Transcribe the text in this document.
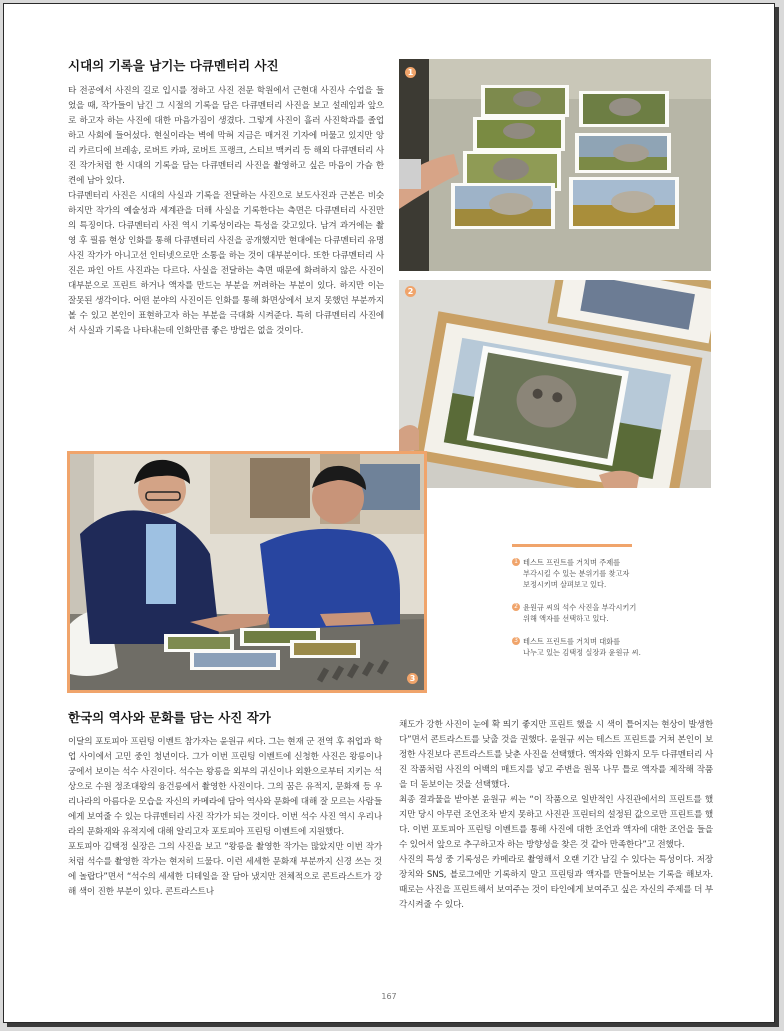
시대의 기록을 남기는 다큐멘터리 사진

타 전공에서 사진의 길로 입시를 정하고 사진 전문 학원에서 근현대 사진사 수업을 들었을 때, 작가들이 남긴 그 시절의 기록을 담은 다큐멘터리 사진을 보고 설레임과 앞으로 하고자 하는 사진에 대한 마음가짐이 생겼다. 그렇게 사진이 흘러 사진학과를 졸업하고 사회에 들어섰다. 현실이라는 벽에 막혀 지금은 매거진 기자에 머물고 있지만 앙리 카르디에 브레송, 로버트 카파, 로버트 프랭크, 스티브 맥커리 등 해외 다큐멘터리 사진 작가처럼 한 시대의 기록을 담는 다큐멘터리 사진을 촬영하고 싶은 마음이 가슴 한 켠에 남아 있다.

다큐멘터리 사진은 시대의 사실과 기록을 전달하는 사진으로 보도사진과 근본은 비슷하지만 작가의 예술성과 세계관을 더해 사실을 기록한다는 측면은 다큐멘터리 사진만의 특징이다. 다큐멘터리 사진 역시 기록성이라는 특성을 갖고있다. 남겨 과거에는 촬영 후 필름 현상 인화를 통해 다큐멘터리 사진을 공개했지만 현대에는 다큐멘터리 유명 사진 작가가 아니고선 인터넷으로만 소통을 하는 것이 대부분이다. 또한 다큐멘터리 사진은 파인 아트 사진과는 다르다. 사실을 전달하는 측면 때문에 화려하지 않은 사진이 대부분으로 프린트 하거나 액자를 만드는 부분을 꺼려하는 부분이 있다. 하지만 이는 잘못된 생각이다. 어떤 분야의 사진이든 인화를 통해 화면상에서 보지 못했던 부분까지 볼 수 있고 본인이 표현하고자 하는 부분을 극대화 시켜준다. 특히 다큐멘터리 사진에서 사실과 기록을 나타내는데 인화만큼 좋은 방법은 없을 것이다.

1
2
3
1 테스트 프린트를 거치며 주제를
부각시킬 수 있는 분위기를 찾고자
보정시키며 살펴보고 있다.
2 윤원규 씨의 석수 사진을 부각시키기
위해 액자를 선택하고 있다.
3 테스트 프린트를 거치며 대화를
나누고 있는 김택정 실장과 윤원규 씨.
한국의 역사와 문화를 담는 사진 작가

이달의 포토피아 프린팅 이벤트 참가자는 윤원규 씨다. 그는 현재 군 전역 후 취업과 학업 사이에서 고민 중인 청년이다. 그가 이번 프린팅 이벤트에 신청한 사진은 왕릉이나 궁에서 보이는 석수 사진이다. 석수는 왕릉을 외부의 귀신이나 외환으로부터 지키는 석상으로 수원 정조대왕의 융건릉에서 촬영한 사진이다. 그의 꿈은 유적지, 문화재 등 우리나라의 아름다운 모습을 자신의 카메라에 담아 역사와 문화에 대해 잘 모르는 사람들에게 보여줄 수 있는 다큐멘터리 사진 작가가 되는 것이다. 이번 석수 사진 역시 우리나라의 문화재와 유적지에 대해 알리고자 포토피아 프린팅 이벤트에 지원했다.

포토피아 김택정 실장은 그의 사진을 보고 “왕릉을 촬영한 작가는 많았지만 이번 작가처럼 석수를 촬영한 작가는 현저히 드물다. 이런 세세한 문화재 부분까지 신경 쓰는 것에 놀랍다”면서 “석수의 세세한 디테일을 잘 담아 냈지만 전체적으로 콘트라스트가 강해 색이 진한 부분이 있다. 콘트라스트나

채도가 강한 사진이 눈에 확 띄기 좋지만 프린트 했을 시 색이 틀어지는 현상이 발생한다”면서 콘트라스트를 낮출 것을 권했다. 윤원규 씨는 테스트 프린트를 거쳐 본인이 보정한 사진보다 콘트라스트를 낮춘 사진을 선택했다. 액자와 인화지 모두 다큐멘터리 사진 작품처럼 사진의 어백의 매트지를 넣고 주변을 원목 나무 틀로 액자를 제작해 작품을 더 돋보이는 것을 선택했다.

최종 결과물을 받아본 윤원규 씨는 “이 작품으로 일반적인 사진관에서의 프린트를 했지만 당시 아무런 조언조차 받지 못하고 사진관 프린터의 설정된 값으로만 프린트를 했다. 이번 포토피아 프린팅 이벤트를 통해 사진에 대한 조언과 액자에 대한 조언을 들을 수 있어서 앞으로 추구하고자 하는 방향성을 찾은 것 같아 만족한다”고 전했다.

사진의 특성 중 기록성은 카메라로 촬영해서 오랜 기간 남길 수 있다는 특성이다. 저장장치와 SNS, 블로그에만 기록하지 말고 프린팅과 액자를 만들어보는 기록을 해보자. 때로는 사진을 프린트해서 보여주는 것이 타인에게 보여주고 싶은 자신의 주제를 더 부각시켜줄 수 있다.

167
